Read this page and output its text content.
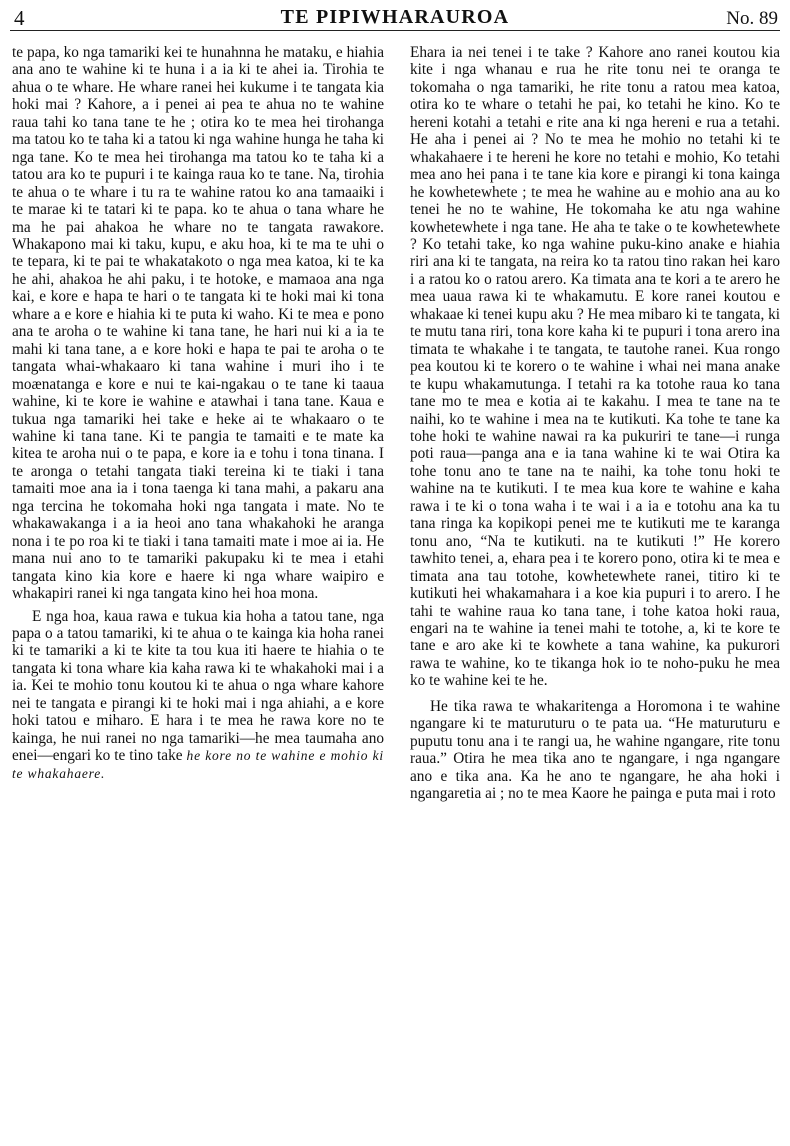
4	TE PIPIWHARAUROA	No. 89

te papa, ko nga tamariki kei te hunahnna he mataku, e hiahia ana ano te wahine ki te huna i a ia ki te ahei ia. Tirohia te ahua o te whare. He whare ranei hei kukume i te tangata kia hoki mai ? Kahore, a i penei ai pea te ahua no te wahine raua tahi ko tana tane te he ; otira ko te mea hei tirohanga ma tatou ko te taha ki a tatou ki nga wahine hunga he taha ki nga tane. Ko te mea hei tirohanga ma tatou ko te taha ki a tatou ara ko te pupuri i te kainga raua ko te tane. Na, tirohia te ahua o te whare i tu ra te wahine ratou ko ana tamaaiki i te marae ki te tatari ki te papa. ko te ahua o tana whare he ma he pai ahakoa he whare no te tangata rawakore. Whakapono mai ki taku, kupu, e aku hoa, ki te ma te uhi o te tepara, ki te pai te whakatakoto o nga mea katoa, ki te ka he ahi, ahakoa he ahi paku, i te hotoke, e mamaoa ana nga kai, e kore e hapa te hari o te tangata ki te hoki mai ki tona whare a e kore e hiahia ki te puta ki waho. Ki te mea e pono ana te aroha o te wahine ki tana tane, he hari nui ki a ia te mahi ki tana tane, a e kore hoki e hapa te pai te aroha o te tangata whai-whakaaro ki tana wahine i muri iho i te moænatanga e kore e nui te kai-ngakau o te tane ki taaua wahine, ki te kore ie wahine e atawhai i tana tane. Kaua e tukua nga tamariki hei take e heke ai te whakaaro o te wahine ki tana tane. Ki te pangia te tamaiti e te mate ka kitea te aroha nui o te papa, e kore ia e tohu i tona tinana. I te aronga o tetahi tangata tiaki tereina ki te tiaki i tana tamaiti moe ana ia i tona taenga ki tana mahi, a pakaru ana nga tercina he tokomaha hoki nga tangata i mate. No te whakawakanga i a ia heoi ano tana whakahoki he aranga nona i te po roa ki te tiaki i tana tamaiti mate i moe ai ia. He mana nui ano to te tamariki pakupaku ki te mea i etahi tangata kino kia kore e haere ki nga whare waipiro e whakapiri ranei ki nga tangata kino hei hoa mona.

E nga hoa, kaua rawa e tukua kia hoha a tatou tane, nga papa o a tatou tamariki, ki te ahua o te kainga kia hoha ranei ki te tamariki a ki te kite ta tou kua iti haere te hiahia o te tangata ki tona whare kia kaha rawa ki te whakahoki mai i a ia. Kei te mohio tonu koutou ki te ahua o nga whare kahore nei te tangata e pirangi ki te hoki mai i nga ahiahi, a e kore hoki tatou e miharo. E hara i te mea he rawa kore no te kainga, he nui ranei no nga tamariki—he mea taumaha ano enei—engari ko te tino take he kore no te wahine e mohio ki te whakahaere.

Ehara ia nei tenei i te take ? Kahore ano ranei koutou kia kite i nga whanau e rua he rite tonu nei te oranga te tokomaha o nga tamariki, he rite tonu a ratou mea katoa, otira ko te whare o tetahi he pai, ko tetahi he kino. Ko te hereni kotahi a tetahi e rite ana ki nga hereni e rua a tetahi. He aha i penei ai ? No te mea he mohio no tetahi ki te whakahaere i te hereni he kore no tetahi e mohio, Ko tetahi mea ano hei pana i te tane kia kore e pirangi ki tona kainga he kowhetewhete ; te mea he wahine au e mohio ana au ko tenei he no te wahine, He tokomaha ke atu nga wahine kowhetewhete i nga tane. He aha te take o te kowhetewhete ? Ko tetahi take, ko nga wahine puku-kino anake e hiahia riri ana ki te tangata, na reira ko ta ratou tino rakan hei karo i a ratou ko o ratou arero. Ka timata ana te kori a te arero he mea uaua rawa ki te whakamutu. E kore ranei koutou e whakaae ki tenei kupu aku ? He mea mibaro ki te tangata, ki te mutu tana riri, tona kore kaha ki te pupuri i tona arero ina timata te whakahe i te tangata, te tautohe ranei. Kua rongo pea koutou ki te korero o te wahine i whai nei mana anake te kupu whakamutunga. I tetahi ra ka totohe raua ko tana tane mo te mea e kotia ai te kakahu. I mea te tane na te naihi, ko te wahine i mea na te kutikuti. Ka tohe te tane ka tohe hoki te wahine nawai ra ka pukuriri te tane—i runga poti raua—panga ana e ia tana wahine ki te wai Otira ka tohe tonu ano te tane na te naihi, ka tohe tonu hoki te wahine na te kutikuti. I te mea kua kore te wahine e kaha rawa i te ki o tona waha i te wai i a ia e totohu ana ka tu tana ringa ka kopikopi penei me te kutikuti me te karanga tonu ano, “Na te kutikuti. na te kutikuti !” He korero tawhito tenei, a, ehara pea i te korero pono, otira ki te mea e timata ana tau totohe, kowhetewhete ranei, titiro ki te kutikuti hei whakamahara i a koe kia pupuri i to arero. I he tahi te wahine raua ko tana tane, i tohe katoa hoki raua, engari na te wahine ia tenei mahi te totohe, a, ki te kore te tane e aro ake ki te kowhete a tana wahine, ka pukurori rawa te wahine, ko te tikanga hok io te noho-puku he mea ko te wahine kei te he.

He tika rawa te whakaritenga a Horomona i te wahine ngangare ki te maturuturu o te pata ua. “He maturuturu e puputu tonu ana i te rangi ua, he wahine ngangare, rite tonu raua.” Otira he mea tika ano te ngangare, i nga ngangare ano e tika ana. Ka he ano te ngangare, he aha hoki i ngangaretia ai ; no te mea Kaore he painga e puta mai i roto
